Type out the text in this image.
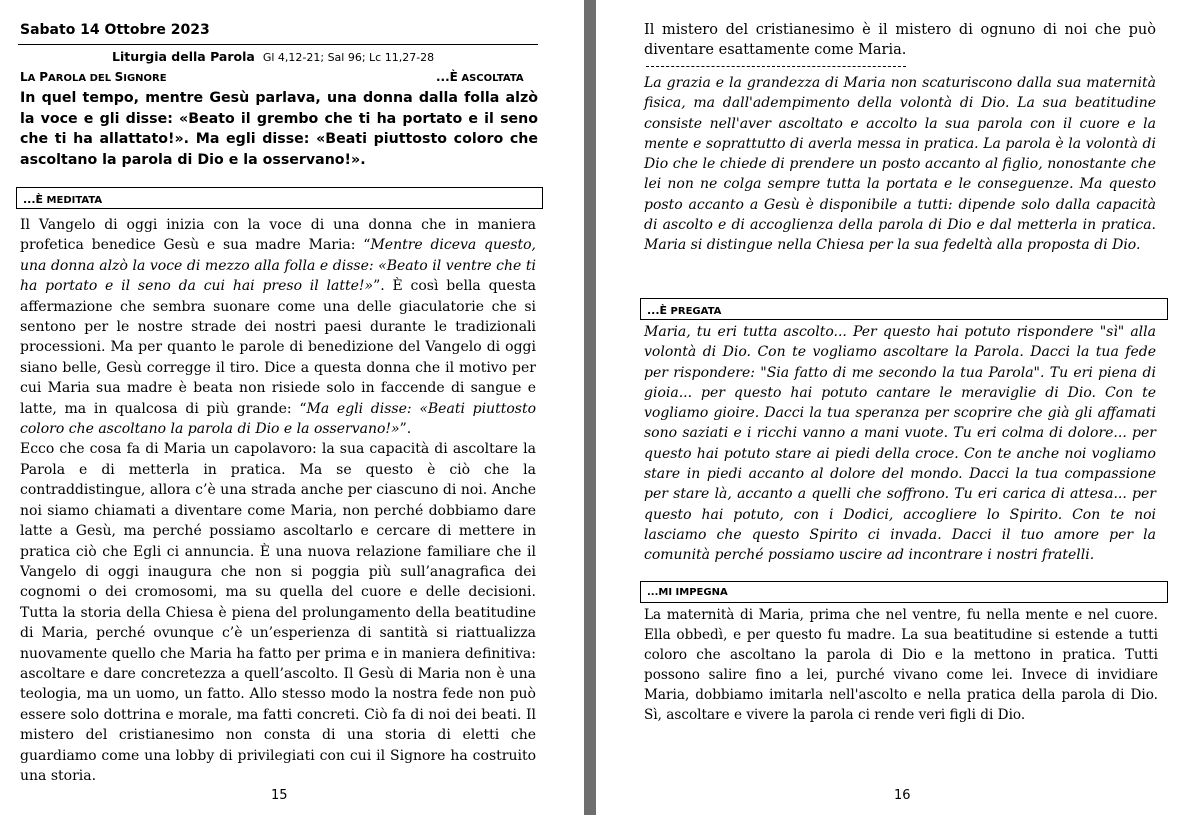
Sabato 14 Ottobre 2023
Liturgia della Parola Gl 4,12-21; Sal 96; Lc 11,27-28
LA PAROLA DEL SIGNORE	...È ASCOLTATA

In quel tempo, mentre Gesù parlava, una donna dalla folla alzò la voce e gli disse: «Beato il grembo che ti ha portato e il seno che ti ha allattato!». Ma egli disse: «Beati piuttosto coloro che ascoltano la parola di Dio e la osservano!».

...È MEDITATA

Il Vangelo di oggi inizia con la voce di una donna che in maniera profetica benedice Gesù e sua madre Maria: “Mentre diceva questo, una donna alzò la voce di mezzo alla folla e disse: «Beato il ventre che ti ha portato e il seno da cui hai preso il latte!»”. È così bella questa affermazione che sembra suonare come una delle giaculatorie che si sentono per le nostre strade dei nostri paesi durante le tradizionali processioni. Ma per quanto le parole di benedizione del Vangelo di oggi siano belle, Gesù corregge il tiro. Dice a questa donna che il motivo per cui Maria sua madre è beata non risiede solo in faccende di sangue e latte, ma in qualcosa di più grande: “Ma egli disse: «Beati piuttosto coloro che ascoltano la parola di Dio e la osservano!»”.

Ecco che cosa fa di Maria un capolavoro: la sua capacità di ascoltare la Parola e di metterla in pratica. Ma se questo è ciò che la contraddistingue, allora c’è una strada anche per ciascuno di noi. Anche noi siamo chiamati a diventare come Maria, non perché dobbiamo dare latte a Gesù, ma perché possiamo ascoltarlo e cercare di mettere in pratica ciò che Egli ci annuncia. È una nuova relazione familiare che il Vangelo di oggi inaugura che non si poggia più sull’anagrafica dei cognomi o dei cromosomi, ma su quella del cuore e delle decisioni. Tutta la storia della Chiesa è piena del prolungamento della beatitudine di Maria, perché ovunque c’è un’esperienza di santità si riattualizza nuovamente quello che Maria ha fatto per prima e in maniera definitiva: ascoltare e dare concretezza a quell’ascolto. Il Gesù di Maria non è una teologia, ma un uomo, un fatto. Allo stesso modo la nostra fede non può essere solo dottrina e morale, ma fatti concreti. Ciò fa di noi dei beati. Il mistero del cristianesimo non consta di una storia di eletti che guardiamo come una lobby di privilegiati con cui il Signore ha costruito una storia.

15

Il mistero del cristianesimo è il mistero di ognuno di noi che può diventare esattamente come Maria.

La grazia e la grandezza di Maria non scaturiscono dalla sua maternità fisica, ma dall'adempimento della volontà di Dio. La sua beatitudine consiste nell'aver ascoltato e accolto la sua parola con il cuore e la mente e soprattutto di averla messa in pratica. La parola è la volontà di Dio che le chiede di prendere un posto accanto al figlio, nonostante che lei non ne colga sempre tutta la portata e le conseguenze. Ma questo posto accanto a Gesù è disponibile a tutti: dipende solo dalla capacità di ascolto e di accoglienza della parola di Dio e dal metterla in pratica. Maria si distingue nella Chiesa per la sua fedeltà alla proposta di Dio.

...È PREGATA

Maria, tu eri tutta ascolto... Per questo hai potuto rispondere "sì" alla volontà di Dio. Con te vogliamo ascoltare la Parola. Dacci la tua fede per rispondere: "Sia fatto di me secondo la tua Parola". Tu eri piena di gioia... per questo hai potuto cantare le meraviglie di Dio. Con te vogliamo gioire. Dacci la tua speranza per scoprire che già gli affamati sono saziati e i ricchi vanno a mani vuote. Tu eri colma di dolore... per questo hai potuto stare ai piedi della croce. Con te anche noi vogliamo stare in piedi accanto al dolore del mondo. Dacci la tua compassione per stare là, accanto a quelli che soffrono. Tu eri carica di attesa... per questo hai potuto, con i Dodici, accogliere lo Spirito. Con te noi lasciamo che questo Spirito ci invada. Dacci il tuo amore per la comunità perché possiamo uscire ad incontrare i nostri fratelli.

...MI IMPEGNA

La maternità di Maria, prima che nel ventre, fu nella mente e nel cuore. Ella obbedì, e per questo fu madre. La sua beatitudine si estende a tutti coloro che ascoltano la parola di Dio e la mettono in pratica. Tutti possono salire fino a lei, purché vivano come lei. Invece di invidiare Maria, dobbiamo imitarla nell'ascolto e nella pratica della parola di Dio. Sì, ascoltare e vivere la parola ci rende veri figli di Dio.

16
